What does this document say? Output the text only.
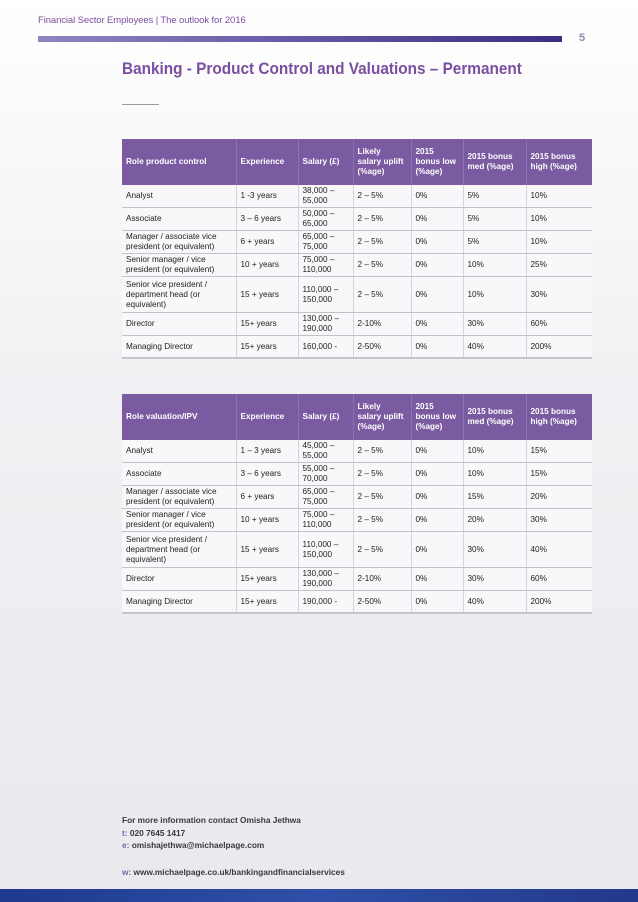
Financial Sector Employees | The outlook for 2016
5
Banking - Product Control and Valuations – Permanent
Role product control	Experience	Salary (£)	Likely salary uplift (%age)	2015 bonus low (%age)	2015 bonus med (%age)	2015 bonus high (%age)
Analyst	1 -3 years	38,000 – 55,000	2 – 5%	0%	5%	10%
Associate	3 – 6 years	50,000 – 65,000	2 – 5%	0%	5%	10%
Manager / associate vice president (or equivalent)	6 + years	65,000 – 75,000	2 – 5%	0%	5%	10%
Senior manager / vice president (or equivalent)	10 + years	75,000 – 110,000	2 – 5%	0%	10%	25%
Senior vice president / department head (or equivalent)	15 + years	110,000 – 150,000	2 – 5%	0%	10%	30%
Director	15+ years	130,000 – 190,000	2-10%	0%	30%	60%
Managing Director	15+ years	160,000 -	2-50%	0%	40%	200%
Role valuation/IPV	Experience	Salary (£)	Likely salary uplift (%age)	2015 bonus low (%age)	2015 bonus med (%age)	2015 bonus high (%age)
Analyst	1 – 3 years	45,000 – 55,000	2 – 5%	0%	10%	15%
Associate	3 – 6 years	55,000 – 70,000	2 – 5%	0%	10%	15%
Manager / associate vice president (or equivalent)	6 + years	65,000 – 75,000	2 – 5%	0%	15%	20%
Senior manager / vice president (or equivalent)	10 + years	75,000 – 110,000	2 – 5%	0%	20%	30%
Senior vice president / department head (or equivalent)	15 + years	110,000 – 150,000	2 – 5%	0%	30%	40%
Director	15+ years	130,000 – 190,000	2-10%	0%	30%	60%
Managing Director	15+ years	190,000 -	2-50%	0%	40%	200%
For more information contact Omisha Jethwa
t: 020 7645 1417
e: omishajethwa@michaelpage.com
w: www.michaelpage.co.uk/bankingandfinancialservices
